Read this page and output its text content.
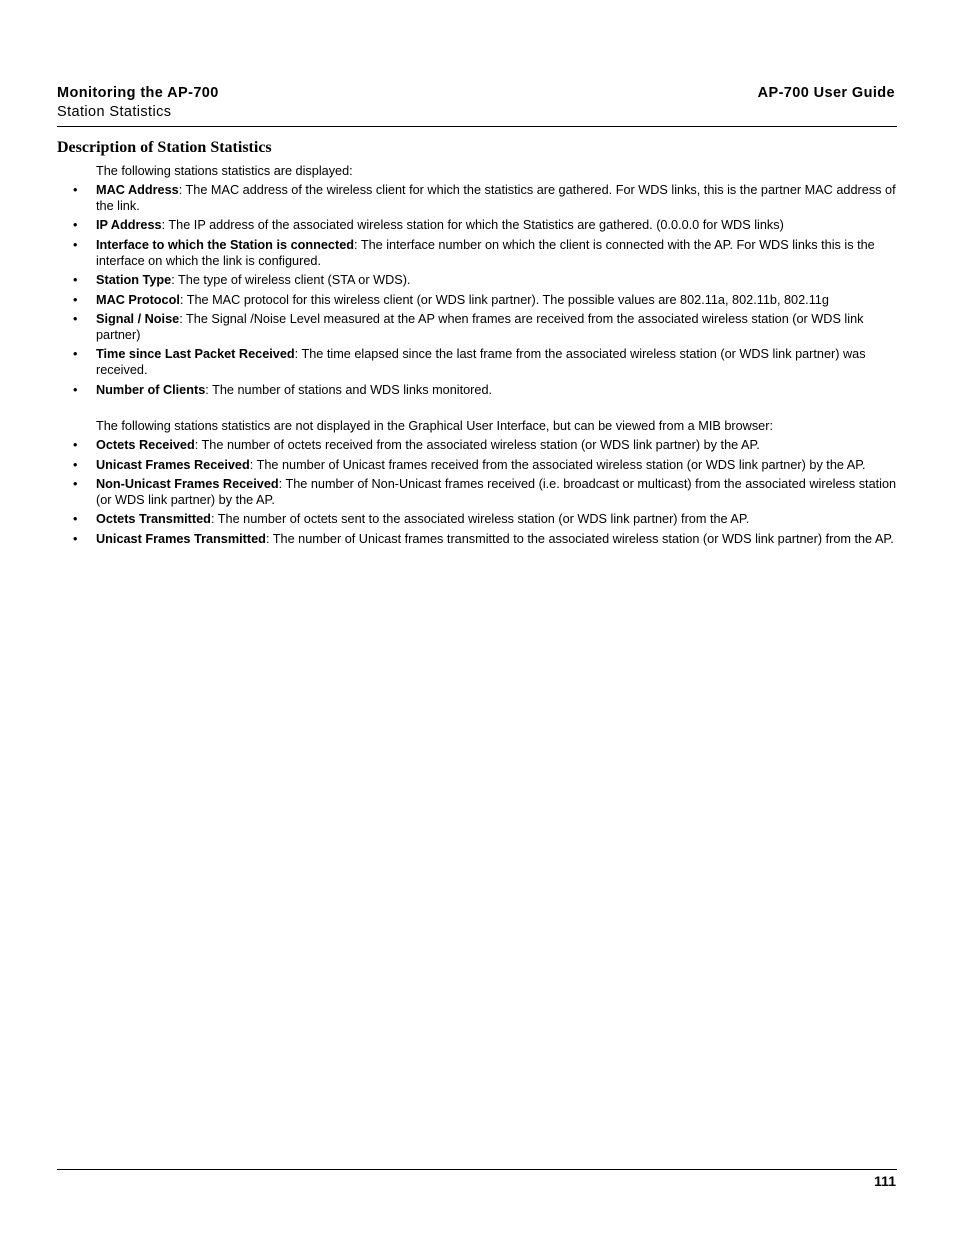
Monitoring the AP-700
Station Statistics
AP-700 User Guide
Description of Station Statistics

The following stations statistics are displayed:

• MAC Address: The MAC address of the wireless client for which the statistics are gathered. For WDS links, this is the partner MAC address of the link.
• IP Address: The IP address of the associated wireless station for which the Statistics are gathered. (0.0.0.0 for WDS links)
• Interface to which the Station is connected: The interface number on which the client is connected with the AP. For WDS links this is the interface on which the link is configured.
• Station Type: The type of wireless client (STA or WDS).
• MAC Protocol: The MAC protocol for this wireless client (or WDS link partner). The possible values are 802.11a, 802.11b, 802.11g
• Signal / Noise: The Signal /Noise Level measured at the AP when frames are received from the associated wireless station (or WDS link partner)
• Time since Last Packet Received: The time elapsed since the last frame from the associated wireless station (or WDS link partner) was received.
• Number of Clients: The number of stations and WDS links monitored.

The following stations statistics are not displayed in the Graphical User Interface, but can be viewed from a MIB browser:

• Octets Received: The number of octets received from the associated wireless station (or WDS link partner) by the AP.
• Unicast Frames Received: The number of Unicast frames received from the associated wireless station (or WDS link partner) by the AP.
• Non-Unicast Frames Received: The number of Non-Unicast frames received (i.e. broadcast or multicast) from the associated wireless station (or WDS link partner) by the AP.
• Octets Transmitted: The number of octets sent to the associated wireless station (or WDS link partner) from the AP.
• Unicast Frames Transmitted: The number of Unicast frames transmitted to the associated wireless station (or WDS link partner) from the AP.
111
